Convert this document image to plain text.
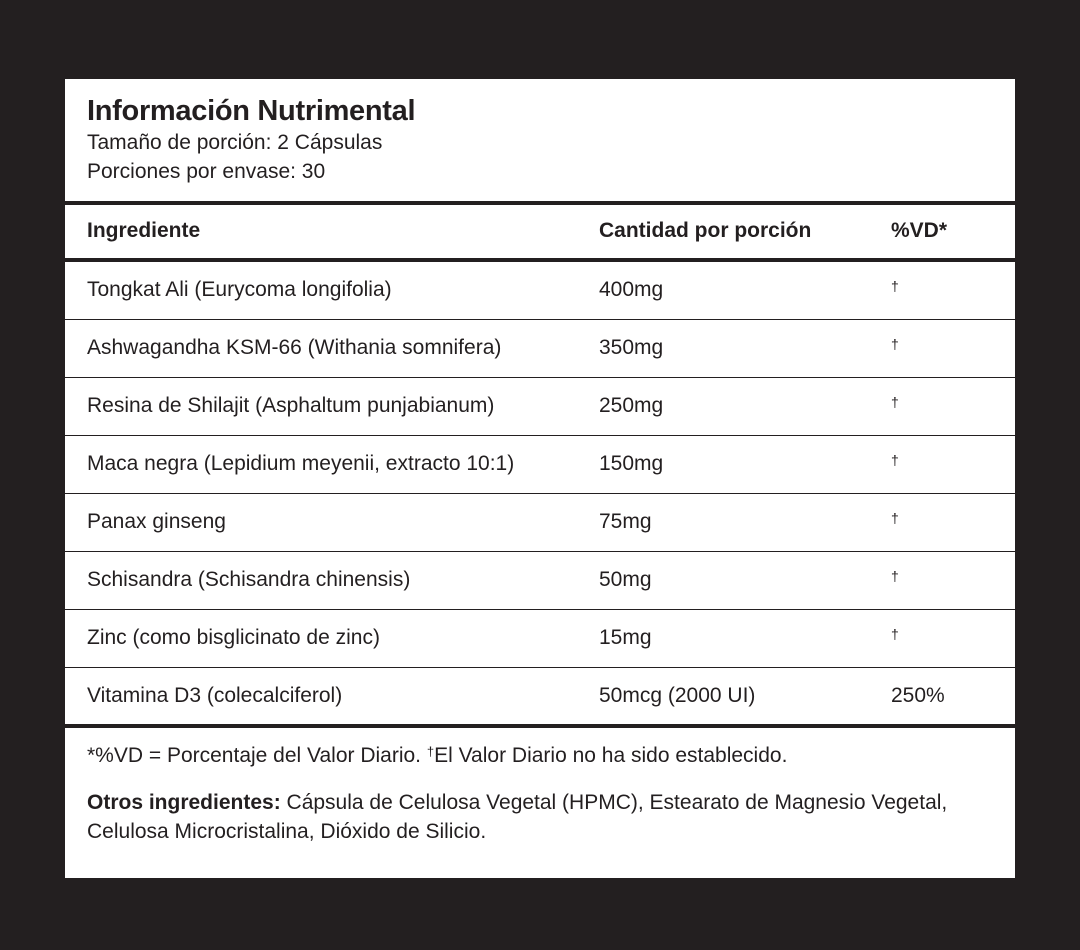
Información Nutrimental
Tamaño de porción: 2 Cápsulas
Porciones por envase: 30
Ingrediente	Cantidad por porción	%VD*
Tongkat Ali (Eurycoma longifolia)	400mg	†
Ashwagandha KSM-66 (Withania somnifera)	350mg	†
Resina de Shilajit (Asphaltum punjabianum)	250mg	†
Maca negra (Lepidium meyenii, extracto 10:1)	150mg	†
Panax ginseng	75mg	†
Schisandra (Schisandra chinensis)	50mg	†
Zinc (como bisglicinato de zinc)	15mg	†
Vitamina D3 (colecalciferol)	50mcg (2000 UI)	250%
*%VD = Porcentaje del Valor Diario. †El Valor Diario no ha sido establecido.
Otros ingredientes: Cápsula de Celulosa Vegetal (HPMC), Estearato de Magnesio Vegetal, Celulosa Microcristalina, Dióxido de Silicio.
